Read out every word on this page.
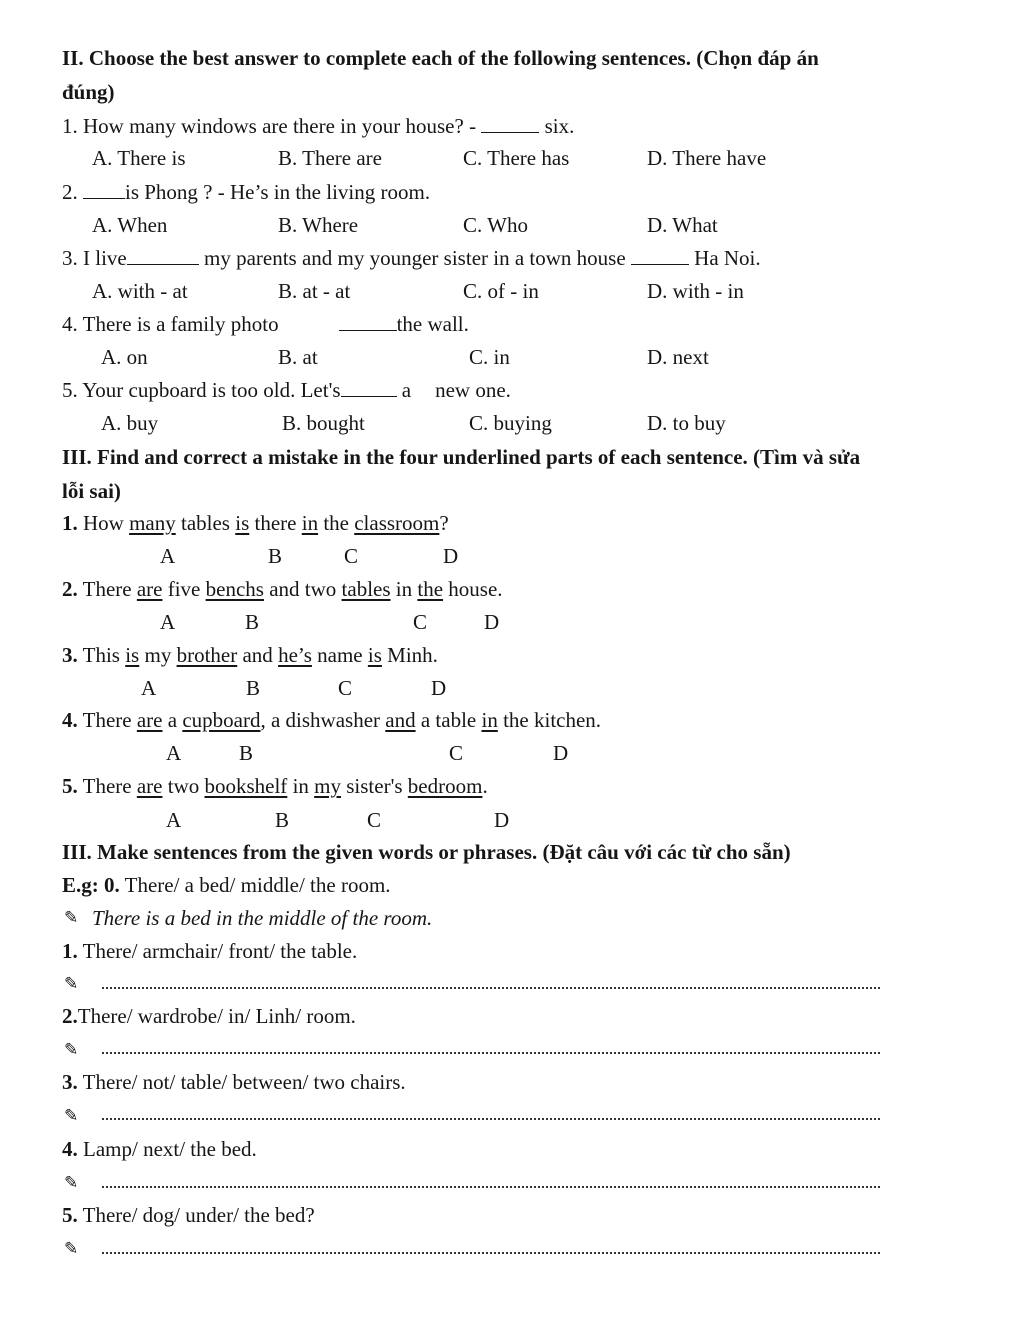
II. Choose the best answer to complete each of the following sentences. (Chọn đáp án
đúng)
1. How many windows are there in your house? -	six.
A. There is	B. There are	C. There has	D. There have
2. is Phong ? - He’s in the living room.
A. When	B. Where	C. Who	D. What
3. I live	my parents and my younger sister in a town house	Ha Noi.
A. with - at	B. at - at	C. of - in	D. with - in
4. There is a family photo	the wall.
A. on	B. at	C. in	D. next
5. Your cupboard is too old. Let's	a new one.
A. buy	B. bought	C. buying	D. to buy
III. Find and correct a mistake in the four underlined parts of each sentence. (Tìm và sửa
lỗi sai)
1. How many tables is there in the classroom?
A	B	C	D
2. There are five benchs and two tables in the house.
A	B	C	D
3. This is my brother and he’s name is Minh.
A	B	C	D
4. There are a cupboard, a dishwasher and a table in the kitchen.
A	B	C	D
5. There are two bookshelf in my sister's bedroom.
A	B	C	D
III. Make sentences from the given words or phrases. (Đặt câu với các từ cho sẵn)
E.g: 0. There/ a bed/ middle/ the room.
✎ There is a bed in the middle of the room.
1. There/ armchair/ front/ the table.
✎
2.There/ wardrobe/ in/ Linh/ room.
✎
3. There/ not/ table/ between/ two chairs.
✎
4. Lamp/ next/ the bed.
✎
5. There/ dog/ under/ the bed?
✎
